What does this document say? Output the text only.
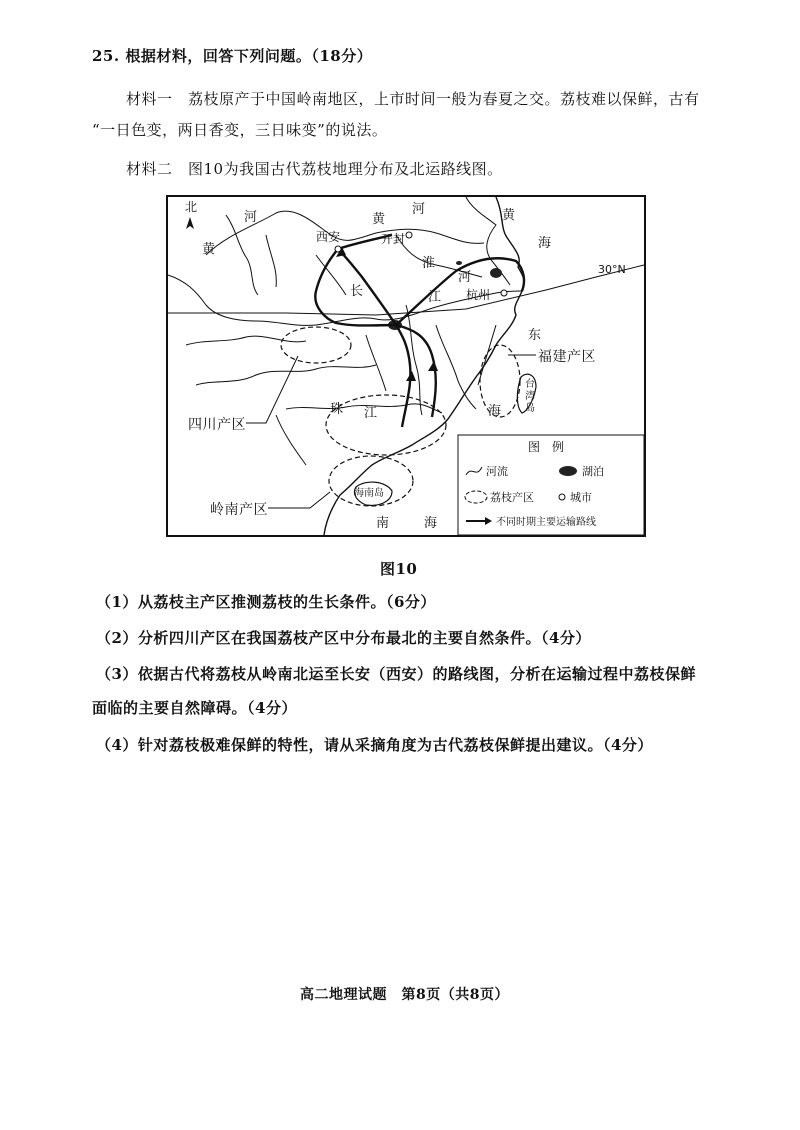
25. 根据材料，回答下列问题。（18分）
材料一　荔枝原产于中国岭南地区，上市时间一般为春夏之交。荔枝难以保鲜，古有
“一日色变，两日香变，三日味变”的说法。
材料二　图10为我国古代荔枝地理分布及北运路线图。
北
30°N
河
黄
黄
河
西安	开封
淮
河
长	江 杭州
黄
海
东
海
珠 江
台
湾
岛
海南岛
南	海
图　例
河流	湖泊
荔枝产区	城市
不同时期主要运输路线
四川产区
福建产区
岭南产区
图10
（1）从荔枝主产区推测荔枝的生长条件。（6分）
（2）分析四川产区在我国荔枝产区中分布最北的主要自然条件。（4分）
（3）依据古代将荔枝从岭南北运至长安（西安）的路线图，分析在运输过程中荔枝保鲜
面临的主要自然障碍。（4分）
（4）针对荔枝极难保鲜的特性，请从采摘角度为古代荔枝保鲜提出建议。（4分）
高二地理试题　第8页（共8页）
